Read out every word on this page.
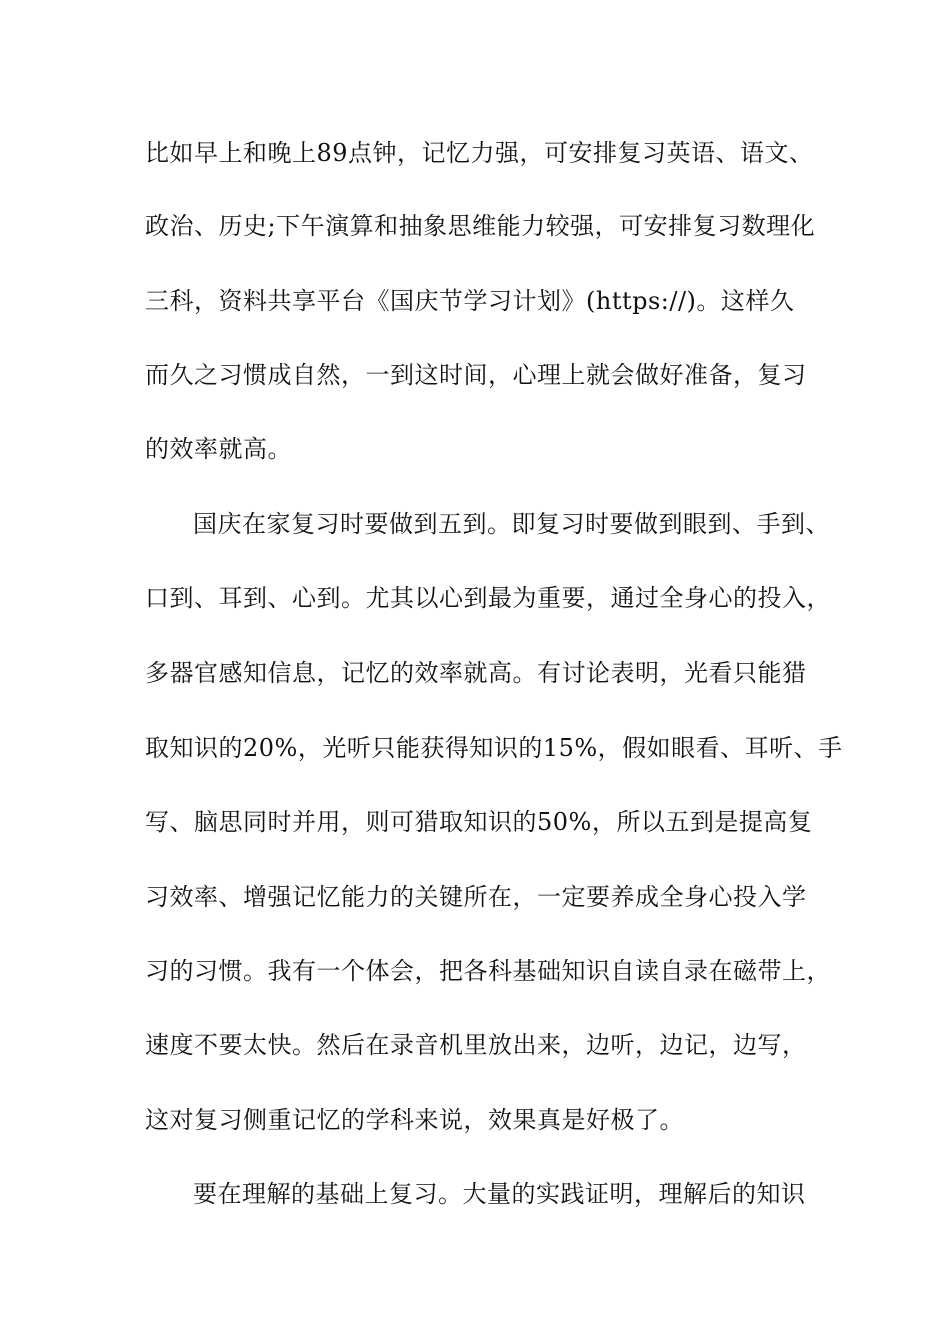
比如早上和晚上89点钟，记忆力强，可安排复习英语、语文、
政治、历史;下午演算和抽象思维能力较强，可安排复习数理化
三科，资料共享平台《国庆节学习计划》(https://)。这样久
而久之习惯成自然，一到这时间，心理上就会做好准备，复习
的效率就高。
国庆在家复习时要做到五到。即复习时要做到眼到、手到、
口到、耳到、心到。尤其以心到最为重要，通过全身心的投入，
多器官感知信息，记忆的效率就高。有讨论表明，光看只能猎
取知识的20%，光听只能获得知识的15%，假如眼看、耳听、手
写、脑思同时并用，则可猎取知识的50%，所以五到是提高复
习效率、增强记忆能力的关键所在，一定要养成全身心投入学
习的习惯。我有一个体会，把各科基础知识自读自录在磁带上，
速度不要太快。然后在录音机里放出来，边听，边记，边写，
这对复习侧重记忆的学科来说，效果真是好极了。
要在理解的基础上复习。大量的实践证明，理解后的知识
